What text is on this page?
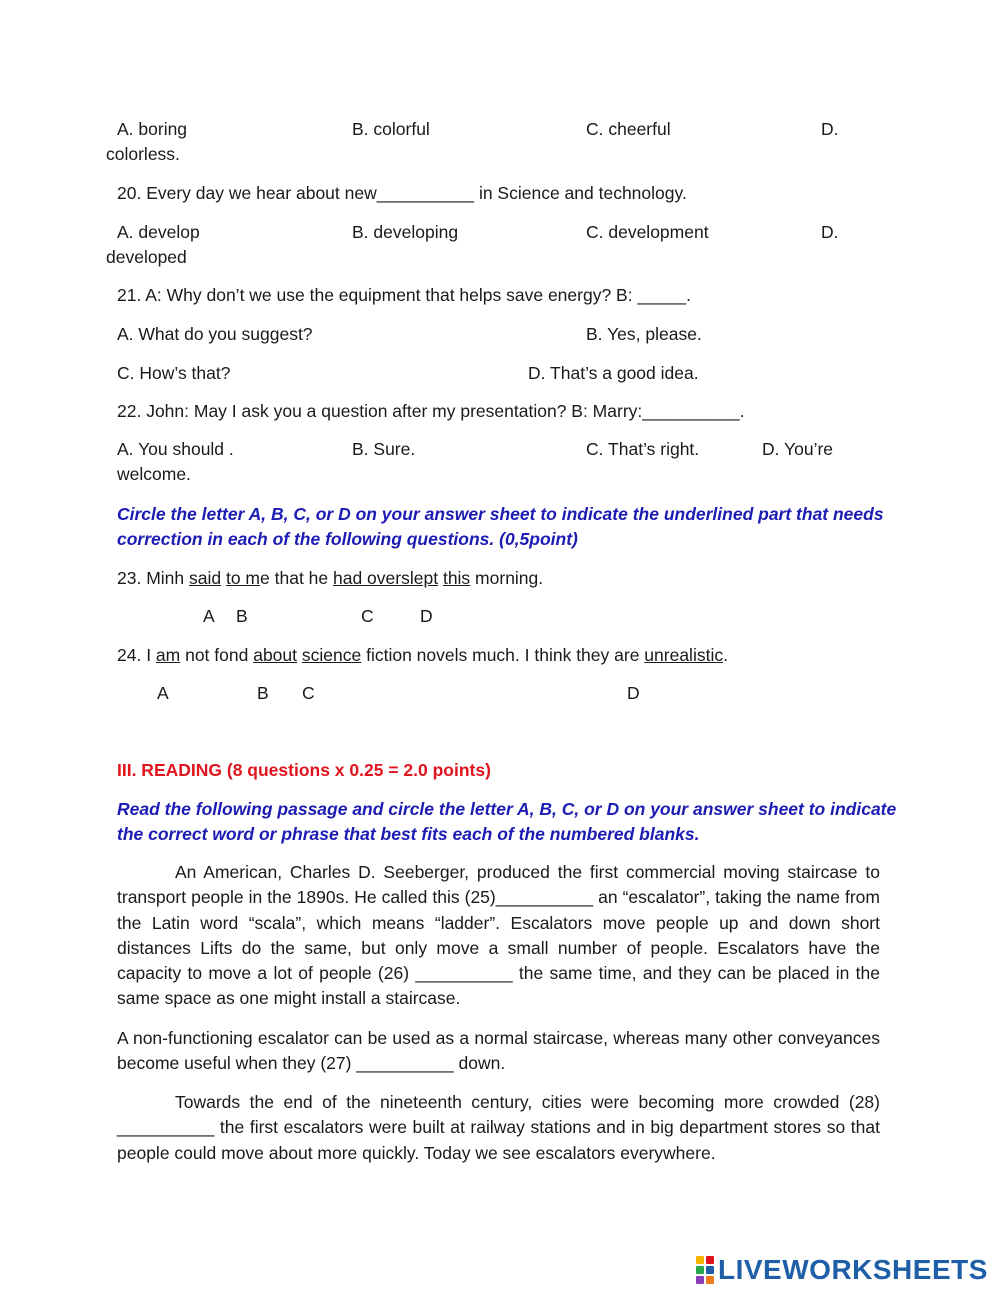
A. boring	B. colorful	C. cheerful	D.
colorless.
20. Every day we hear about new__________ in Science and technology.
A. develop	B. developing	C. development	D.
developed
21. A: Why don’t we use the equipment that helps save energy? B: _____.
A. What do you suggest?	B. Yes, please.
C. How’s that?	D. That’s a good idea.
22. John: May I ask you a question after my presentation? B: Marry:__________.
A. You should .	B. Sure.	C. That’s right.	D. You’re
welcome.
Circle the letter A, B, C, or D on your answer sheet to indicate the underlined part that needs
correction in each of the following questions. (0,5point)
23. Minh said to me that he had overslept this morning.
A B	C	D
24. I am not fond about science fiction novels much. I think they are unrealistic.
A	B C	D
III. READING (8 questions x 0.25 = 2.0 points)
Read the following passage and circle the letter A, B, C, or D on your answer sheet to indicate
the correct word or phrase that best fits each of the numbered blanks.
An American, Charles D. Seeberger, produced the first commercial moving staircase to transport people in the 1890s. He called this (25)__________ an “escalator”, taking the name from the Latin word “scala”, which means “ladder”. Escalators move people up and down short distances Lifts do the same, but only move a small number of people. Escalators have the capacity to move a lot of people (26) __________ the same time, and they can be placed in the same space as one might install a staircase.
A non-functioning escalator can be used as a normal staircase, whereas many other conveyances become useful when they (27) __________ down.
Towards the end of the nineteenth century, cities were becoming more crowded (28) __________ the first escalators were built at railway stations and in big department stores so that people could move about more quickly. Today we see escalators everywhere.
LIVEWORKSHEETS
